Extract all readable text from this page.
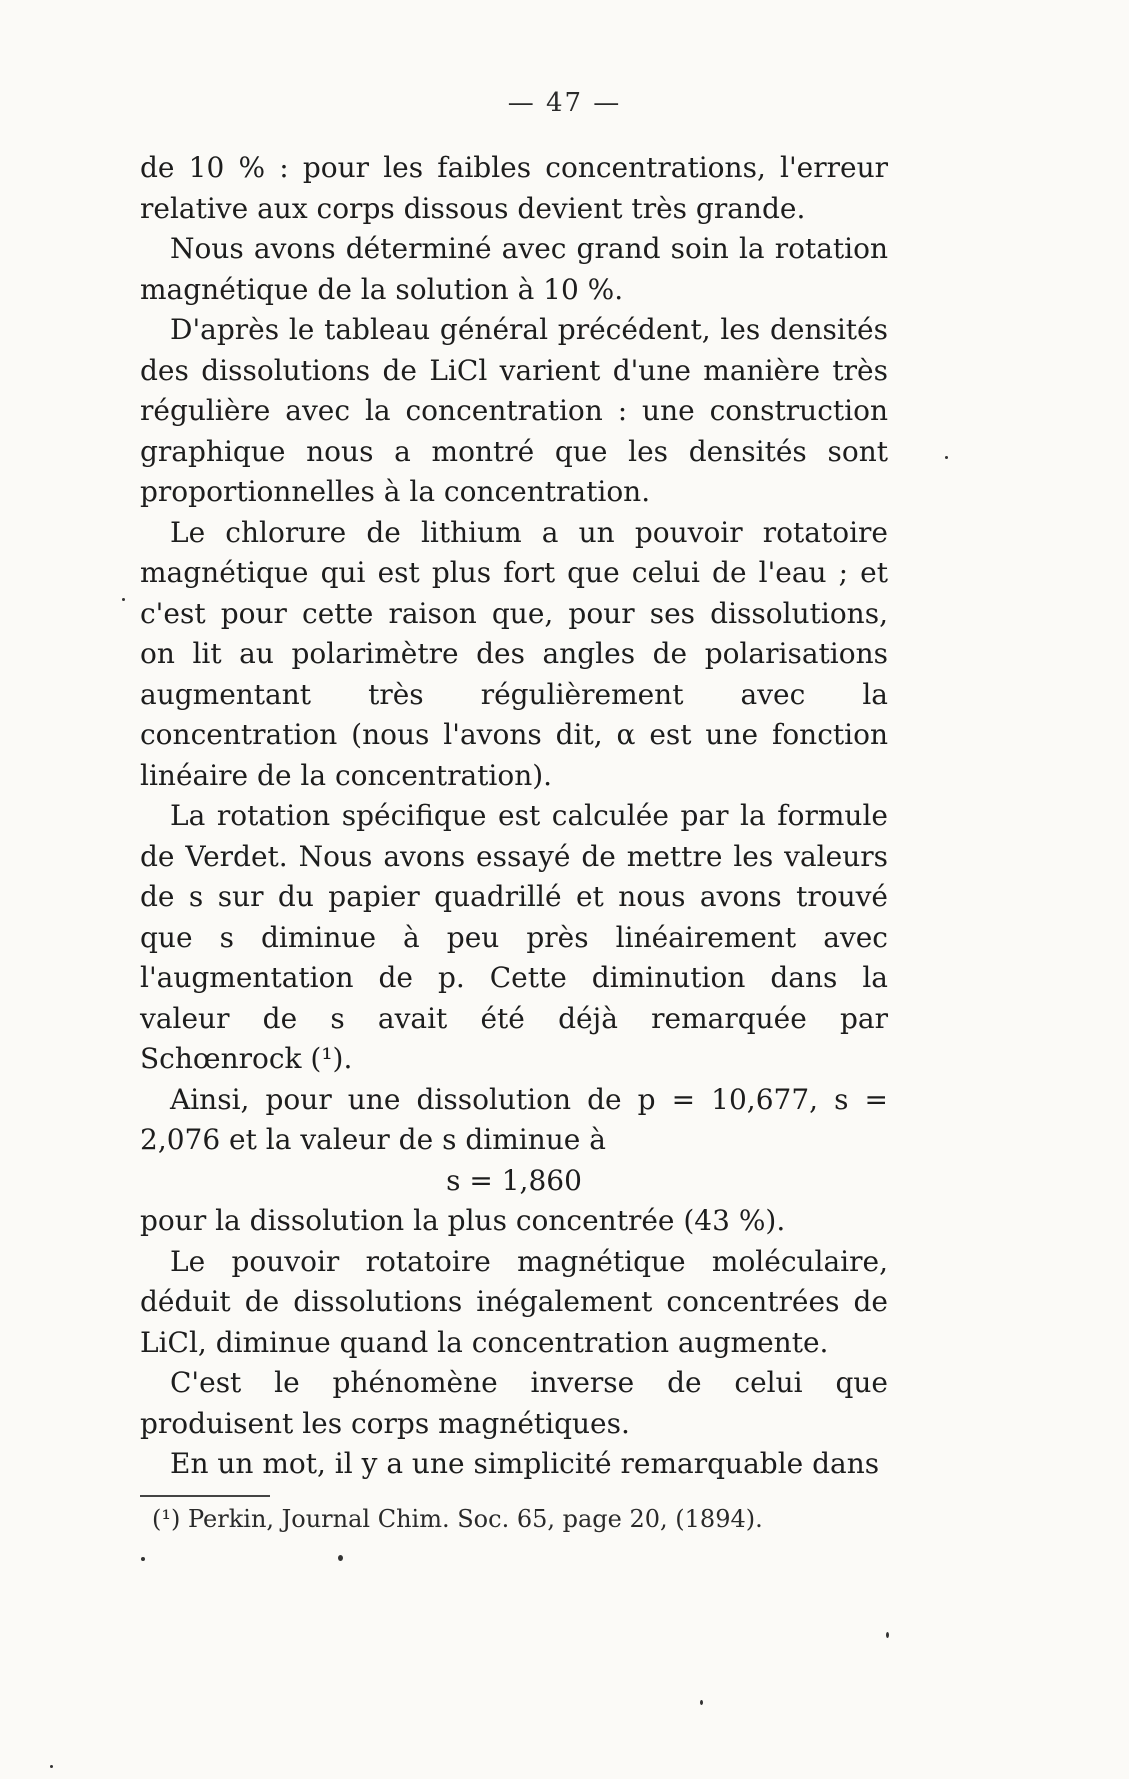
— 47 —

de 10 % : pour les faibles concentrations, l'erreur relative aux corps dissous devient très grande.

Nous avons déterminé avec grand soin la rotation magnétique de la solution à 10 %.

D'après le tableau général précédent, les densités des dissolutions de LiCl varient d'une manière très régulière avec la concentration : une construction graphique nous a montré que les densités sont proportionnelles à la concentration.

Le chlorure de lithium a un pouvoir rotatoire magnétique qui est plus fort que celui de l'eau ; et c'est pour cette raison que, pour ses dissolutions, on lit au polarimètre des angles de polarisations augmentant très régulièrement avec la concentration (nous l'avons dit, α est une fonction linéaire de la concentration).

La rotation spécifique est calculée par la formule de Verdet. Nous avons essayé de mettre les valeurs de s sur du papier quadrillé et nous avons trouvé que s diminue à peu près linéairement avec l'augmentation de p. Cette diminution dans la valeur de s avait été déjà remarquée par Schœnrock (¹).

Ainsi, pour une dissolution de p = 10,677, s = 2,076 et la valeur de s diminue à

s = 1,860

pour la dissolution la plus concentrée (43 %).

Le pouvoir rotatoire magnétique moléculaire, déduit de dissolutions inégalement concentrées de LiCl, diminue quand la concentration augmente.

C'est le phénomène inverse de celui que produisent les corps magnétiques.

En un mot, il y a une simplicité remarquable dans

(¹) Perkin, Journal Chim. Soc. 65, page 20, (1894).
